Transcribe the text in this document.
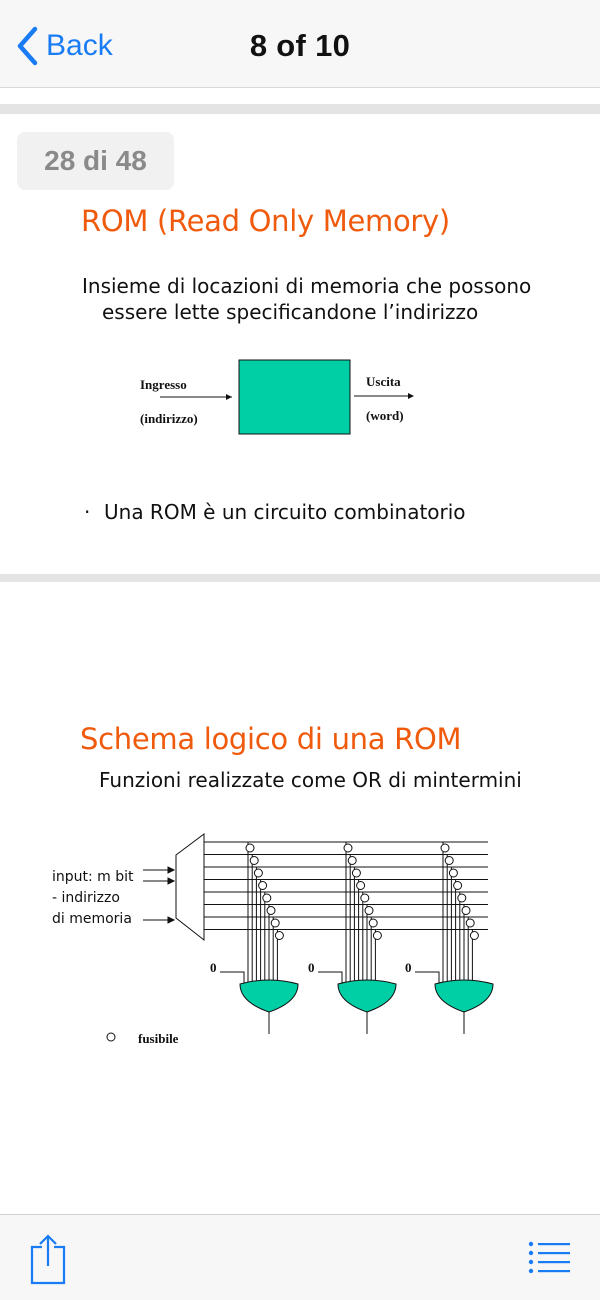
Back	8 of 10
28 di 48
ROM (Read Only Memory)
Insieme di locazioni di memoria che possono
essere lette specificandone l’indirizzo
Ingresso
(indirizzo)
Uscita
(word)
· Una ROM è un circuito combinatorio
Schema logico di una ROM
Funzioni realizzate come OR di mintermini
input: m bit
- indirizzo
di memoria
0	0	0
fusibile
